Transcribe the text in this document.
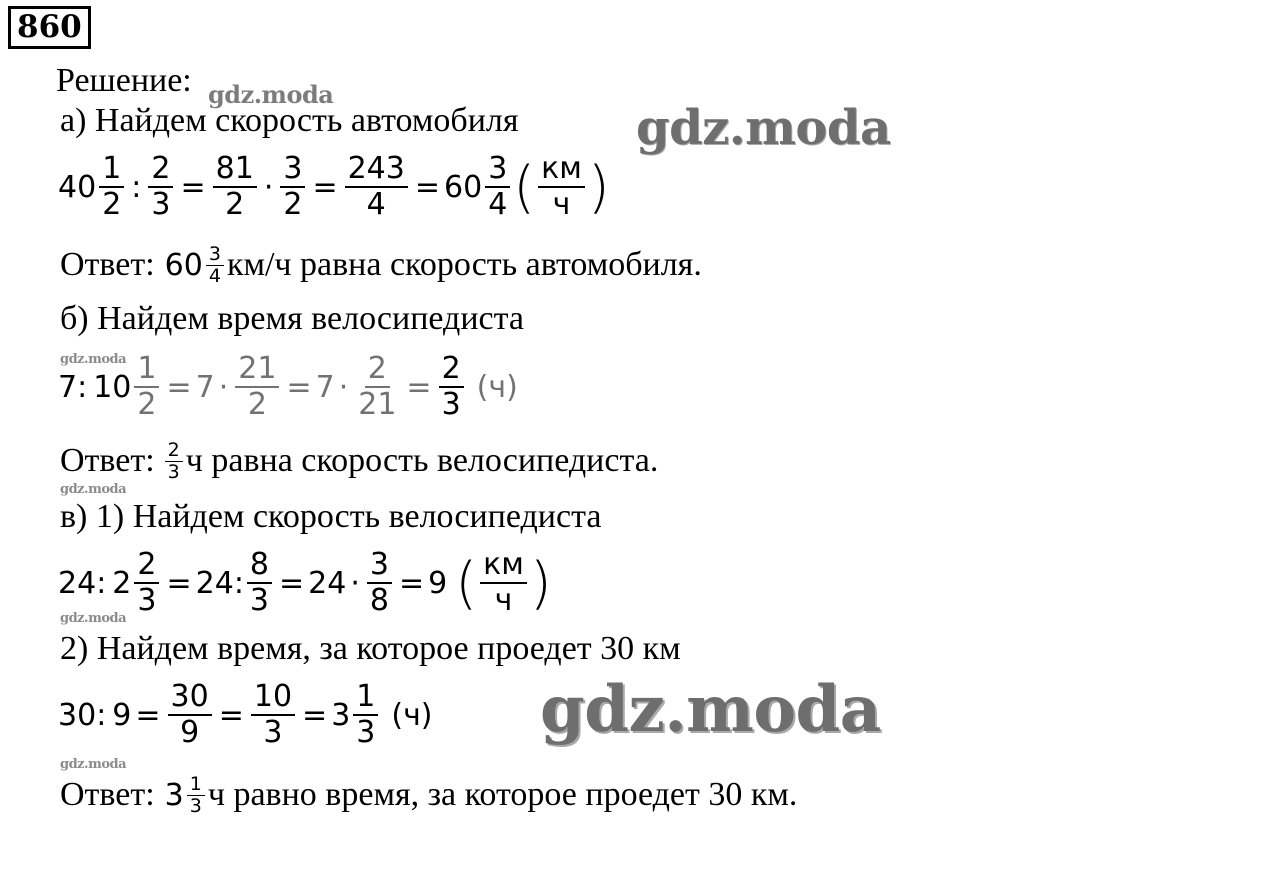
860
Решение:
а) Найдем скорость автомобиля
$40 \frac{1}{2}$ : $\frac{2}{3} = \frac{81}{2} \cdot \frac{3}{2} = \frac{243}{4} = 60 \frac{3}{4}$ ( $\frac{км}{ч}$ )
Ответ: $60 \frac{3}{4} км/ч$ равна скорость автомобиля.
б) Найдем время велосипедиста
7 : $10 \frac{1}{2} = 7 \cdot \frac{21}{2} = 7 \cdot \frac{2}{21} = \frac{2}{3} (ч)$
Ответ: $\frac{2}{3}$ ч равна скорость велосипедиста.
в) 1) Найдем скорость велосипедиста
24 : $2 \frac{2}{3} = 24$ : $\frac{8}{3} = 24 \cdot \frac{3}{8} = 9$ ( $\frac{км}{ч}$ )
2) Найдем время, за которое проедет 30 км
30 : $9 = \frac{30}{9} = \frac{10}{3} = 3 \frac{1}{3} (ч)$
Ответ: $3 \frac{1}{3}$ ч равно время, за которое проедет 30 км.
gdz.moda
gdz.moda
gdz.moda
gdz.moda
gdz.moda
gdz.moda
gdz.moda
